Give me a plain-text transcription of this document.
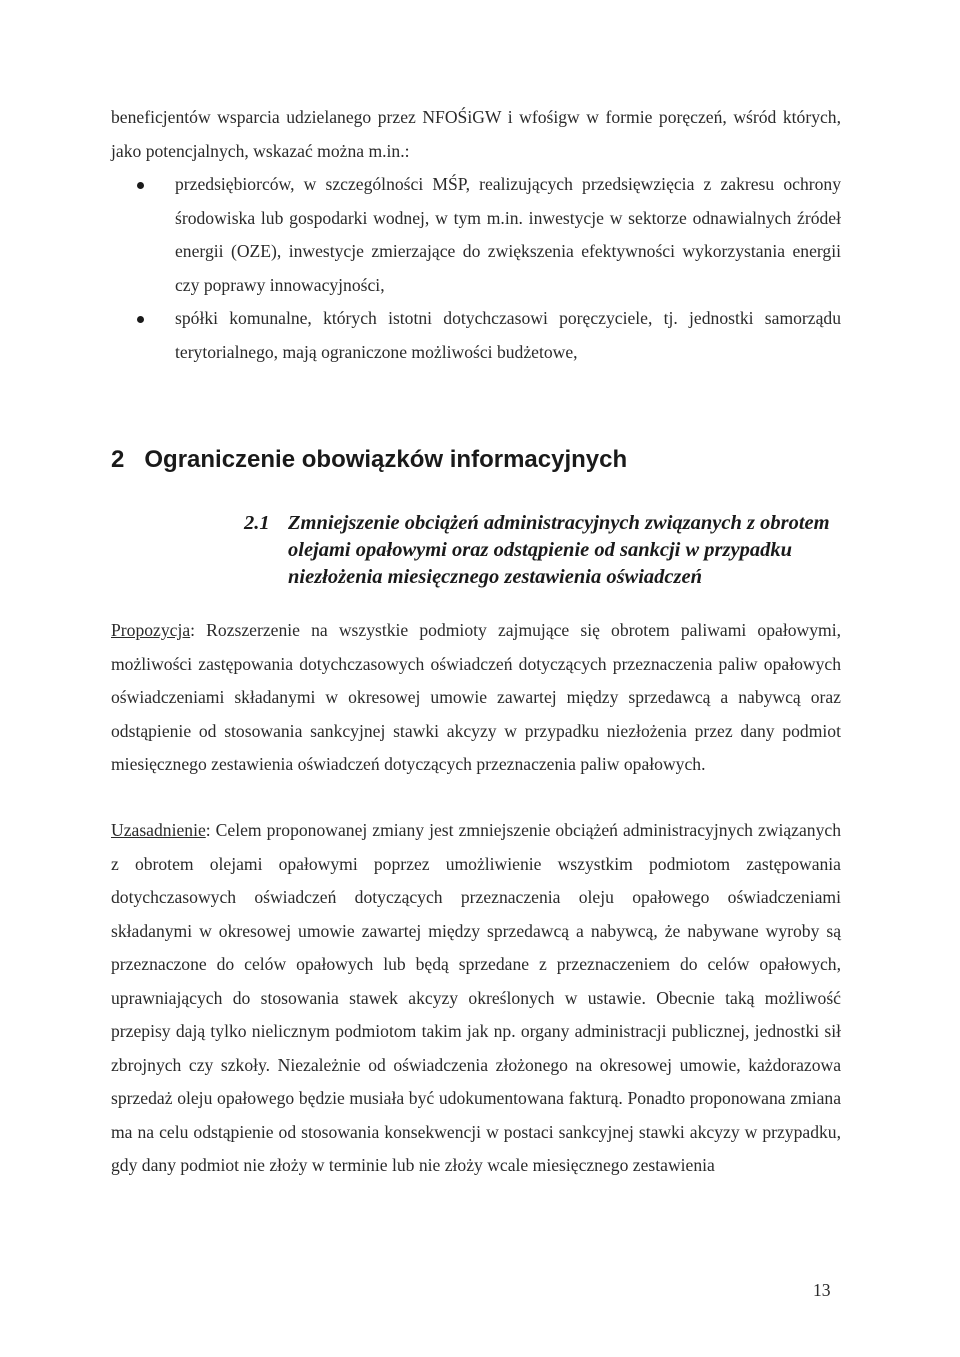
beneficjentów wsparcia udzielanego przez NFOŚiGW i wfośigw w formie poręczeń, wśród których, jako potencjalnych, wskazać można m.in.:

przedsiębiorców, w szczególności MŚP, realizujących przedsięwzięcia z zakresu ochrony środowiska lub gospodarki wodnej, w tym m.in. inwestycje w sektorze odnawialnych źródeł energii (OZE), inwestycje zmierzające do zwiększenia efektywności wykorzystania energii czy poprawy innowacyjności,
spółki komunalne, których istotni dotychczasowi poręczyciele, tj. jednostki samorządu terytorialnego, mają ograniczone możliwości budżetowe,
2 Ograniczenie obowiązków informacyjnych
2.1 Zmniejszenie obciążeń administracyjnych związanych z obrotem olejami opałowymi oraz odstąpienie od sankcji w przypadku niezłożenia miesięcznego zestawienia oświadczeń

Propozycja: Rozszerzenie na wszystkie podmioty zajmujące się obrotem paliwami opałowymi, możliwości zastępowania dotychczasowych oświadczeń dotyczących przeznaczenia paliw opałowych oświadczeniami składanymi w okresowej umowie zawartej między sprzedawcą a nabywcą oraz odstąpienie od stosowania sankcyjnej stawki akcyzy w przypadku niezłożenia przez dany podmiot miesięcznego zestawienia oświadczeń dotyczących przeznaczenia paliw opałowych.

Uzasadnienie: Celem proponowanej zmiany jest zmniejszenie obciążeń administracyjnych związanych z obrotem olejami opałowymi poprzez umożliwienie wszystkim podmiotom zastępowania dotychczasowych oświadczeń dotyczących przeznaczenia oleju opałowego oświadczeniami składanymi w okresowej umowie zawartej między sprzedawcą a nabywcą, że nabywane wyroby są przeznaczone do celów opałowych lub będą sprzedane z przeznaczeniem do celów opałowych, uprawniających do stosowania stawek akcyzy określonych w ustawie. Obecnie taką możliwość przepisy dają tylko nielicznym podmiotom takim jak np. organy administracji publicznej, jednostki sił zbrojnych czy szkoły. Niezależnie od oświadczenia złożonego na okresowej umowie, każdorazowa sprzedaż oleju opałowego będzie musiała być udokumentowana fakturą. Ponadto proponowana zmiana ma na celu odstąpienie od stosowania konsekwencji w postaci sankcyjnej stawki akcyzy w przypadku, gdy dany podmiot nie złoży w terminie lub nie złoży wcale miesięcznego zestawienia

13
